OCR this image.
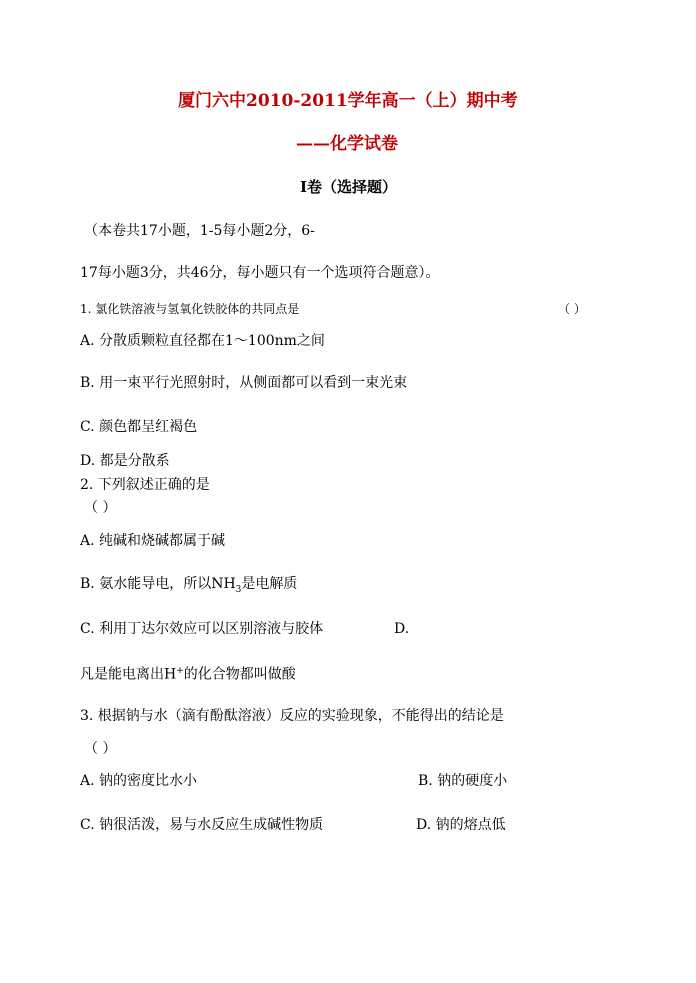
厦门六中2010-2011学年高一（上）期中考
——化学试卷
Ⅰ卷（选择题）
（本卷共17小题，1-5每小题2分，6-
17每小题3分，共46分，每小题只有一个选项符合题意）。
1. 氯化铁溶液与氢氧化铁胶体的共同点是	（ ）
A. 分散质颗粒直径都在1～100nm之间
B. 用一束平行光照射时，从侧面都可以看到一束光束
C. 颜色都呈红褐色
D. 都是分散系
2. 下列叙述正确的是
（ ）
A. 纯碱和烧碱都属于碱
B. 氨水能导电，所以$NH_3$是电解质
C. 利用丁达尔效应可以区别溶液与胶体	D.
凡是能电离出H+的化合物都叫做酸
3. 根据钠与水（滴有酚酞溶液）反应的实验现象，不能得出的结论是
（ ）
A. 钠的密度比水小	B. 钠的硬度小
C. 钠很活泼，易与水反应生成碱性物质	D. 钠的熔点低
